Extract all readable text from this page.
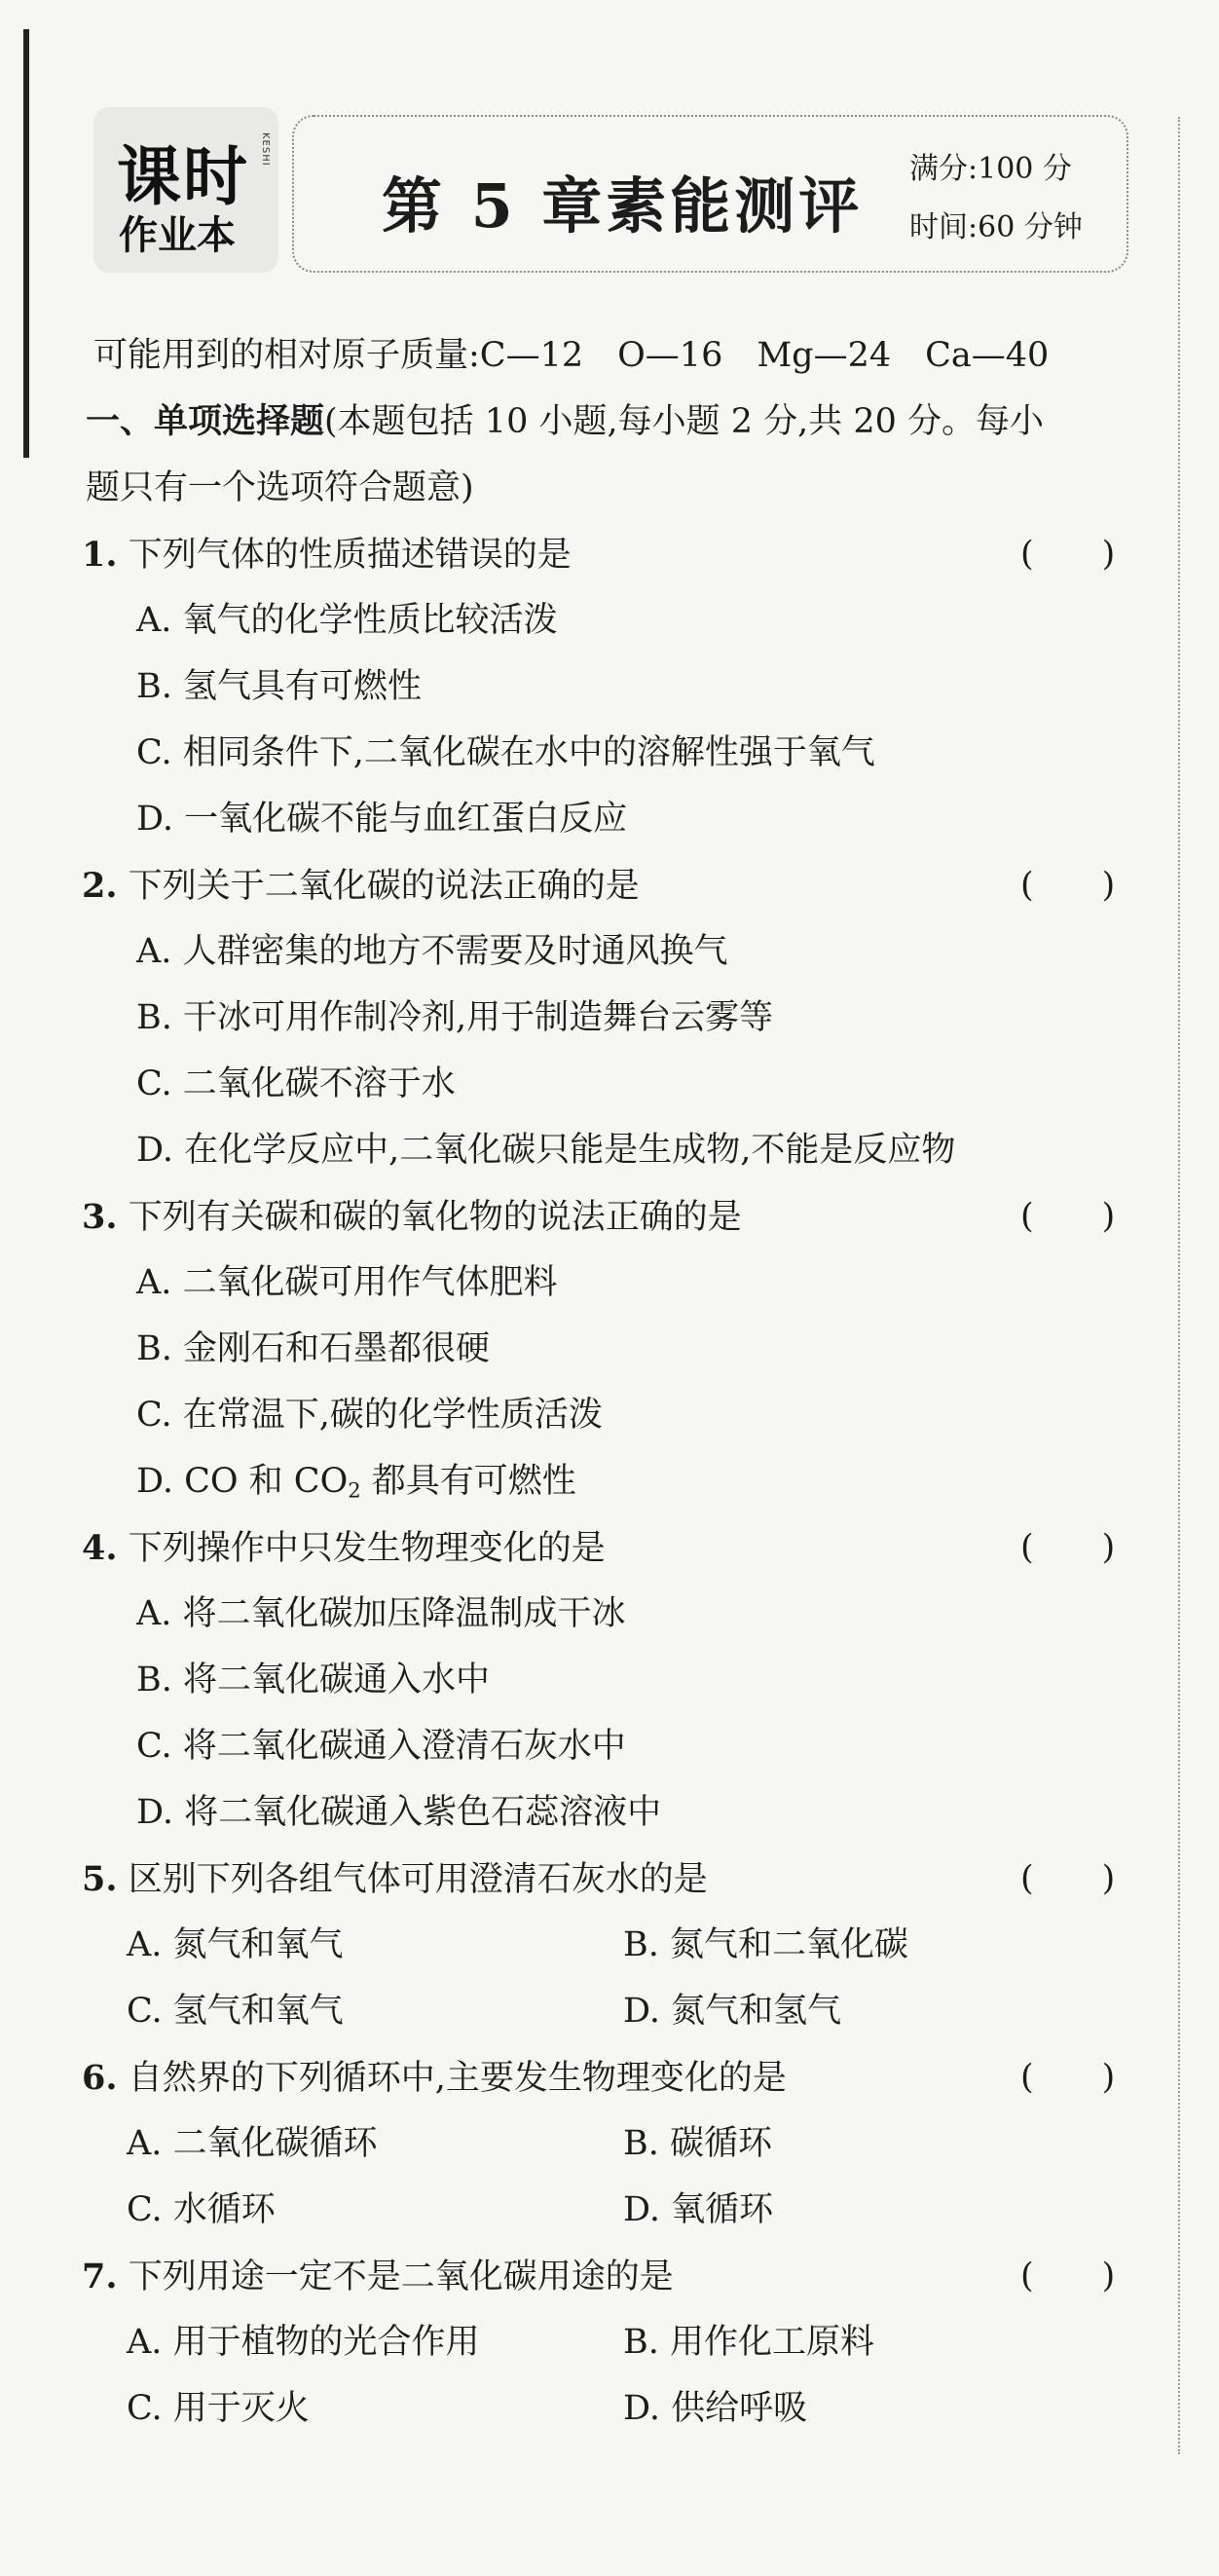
课时	KESHI
作业本 第 5 章素能测评
满分:100 分
时间:60 分钟
可能用到的相对原子质量:C—12　O—16　Mg—24　Ca—40
一、单项选择题(本题包括 10 小题,每小题 2 分,共 20 分。每小
题只有一个选项符合题意)
1. 下列气体的性质描述错误的是	(　　)
A. 氧气的化学性质比较活泼
B. 氢气具有可燃性
C. 相同条件下,二氧化碳在水中的溶解性强于氧气
D. 一氧化碳不能与血红蛋白反应
2. 下列关于二氧化碳的说法正确的是	(　　)
A. 人群密集的地方不需要及时通风换气
B. 干冰可用作制冷剂,用于制造舞台云雾等
C. 二氧化碳不溶于水
D. 在化学反应中,二氧化碳只能是生成物,不能是反应物
3. 下列有关碳和碳的氧化物的说法正确的是	(　　)
A. 二氧化碳可用作气体肥料
B. 金刚石和石墨都很硬
C. 在常温下,碳的化学性质活泼
D. CO 和 $CO_2$ 都具有可燃性
4. 下列操作中只发生物理变化的是	(　　)
A. 将二氧化碳加压降温制成干冰
B. 将二氧化碳通入水中
C. 将二氧化碳通入澄清石灰水中
D. 将二氧化碳通入紫色石蕊溶液中
5. 区别下列各组气体可用澄清石灰水的是	(　　)
A. 氮气和氧气	B. 氮气和二氧化碳
C. 氢气和氧气	D. 氮气和氢气
6. 自然界的下列循环中,主要发生物理变化的是	(　　)
A. 二氧化碳循环	B. 碳循环
C. 水循环	D. 氧循环
7. 下列用途一定不是二氧化碳用途的是	(　　)
A. 用于植物的光合作用	B. 用作化工原料
C. 用于灭火	D. 供给呼吸
